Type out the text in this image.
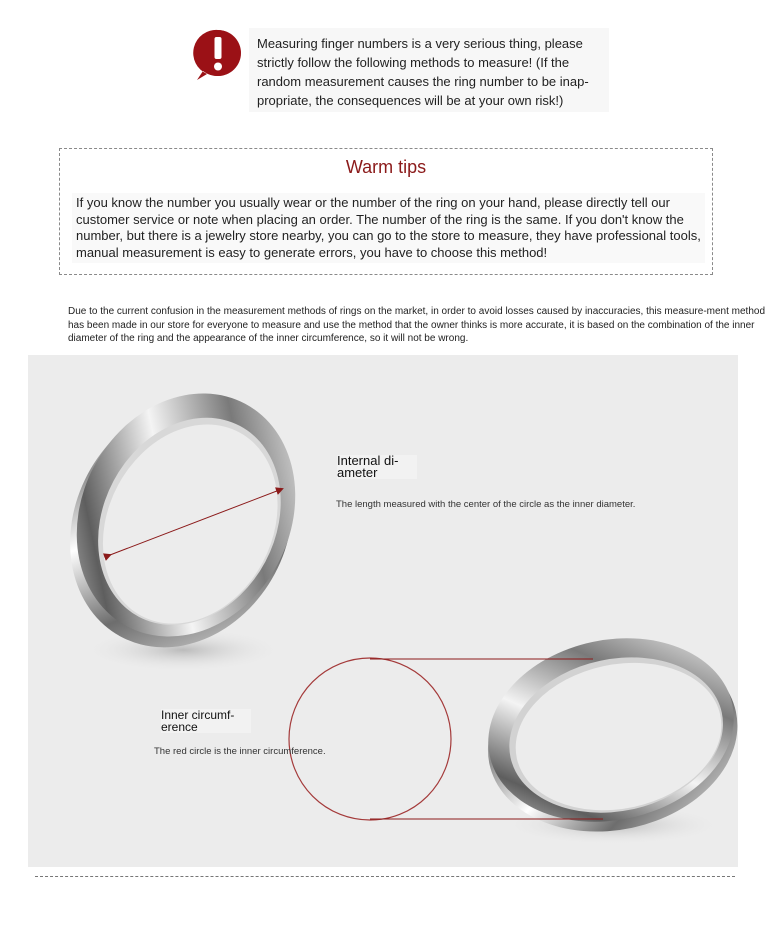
Measuring finger numbers is a very serious thing, please strictly follow the following methods to measure! (If the random measurement causes the ring number to be inap-propriate, the consequences will be at your own risk!)
Warm tips
If you know the number you usually wear or the number of the ring on your hand, please directly tell our customer service or note when placing an order. The number of the ring is the same. If you don't know the number, but there is a jewelry store nearby, you can go to the store to measure, they have professional tools, manual measurement is easy to generate errors, you have to choose this method!
Due to the current confusion in the measurement methods of rings on the market, in order to avoid losses caused by inaccuracies, this measure-ment method has been made in our store for everyone to measure and use the method that the owner thinks is more accurate, it is based on the combination of the inner diameter of the ring and the appearance of the inner circumference, so it will not be wrong.
Internal di-
ameter
The length measured with the center of the circle as the inner diameter.
Inner circumf-
erence
The red circle is the inner circumference.
